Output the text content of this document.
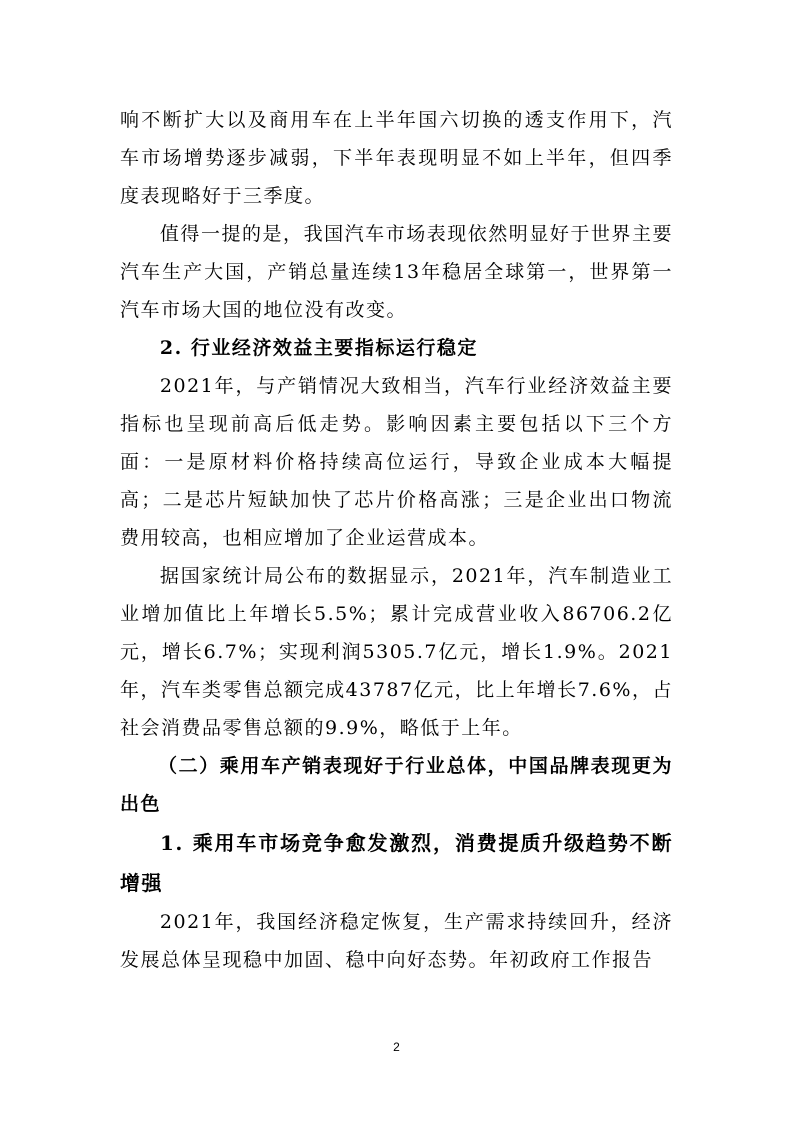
响不断扩大以及商用车在上半年国六切换的透支作用下，汽车市场增势逐步减弱，下半年表现明显不如上半年，但四季度表现略好于三季度。

值得一提的是，我国汽车市场表现依然明显好于世界主要汽车生产大国，产销总量连续13年稳居全球第一，世界第一汽车市场大国的地位没有改变。

2. 行业经济效益主要指标运行稳定

2021年，与产销情况大致相当，汽车行业经济效益主要指标也呈现前高后低走势。影响因素主要包括以下三个方面：一是原材料价格持续高位运行，导致企业成本大幅提高；二是芯片短缺加快了芯片价格高涨；三是企业出口物流费用较高，也相应增加了企业运营成本。

据国家统计局公布的数据显示，2021年，汽车制造业工业增加值比上年增长5.5%；累计完成营业收入86706.2亿元，增长6.7%；实现利润5305.7亿元，增长1.9%。2021年，汽车类零售总额完成43787亿元，比上年增长7.6%，占社会消费品零售总额的9.9%，略低于上年。

（二）乘用车产销表现好于行业总体，中国品牌表现更为出色

1. 乘用车市场竞争愈发激烈，消费提质升级趋势不断增强

2021年，我国经济稳定恢复，生产需求持续回升，经济发展总体呈现稳中加固、稳中向好态势。年初政府工作报告

2
